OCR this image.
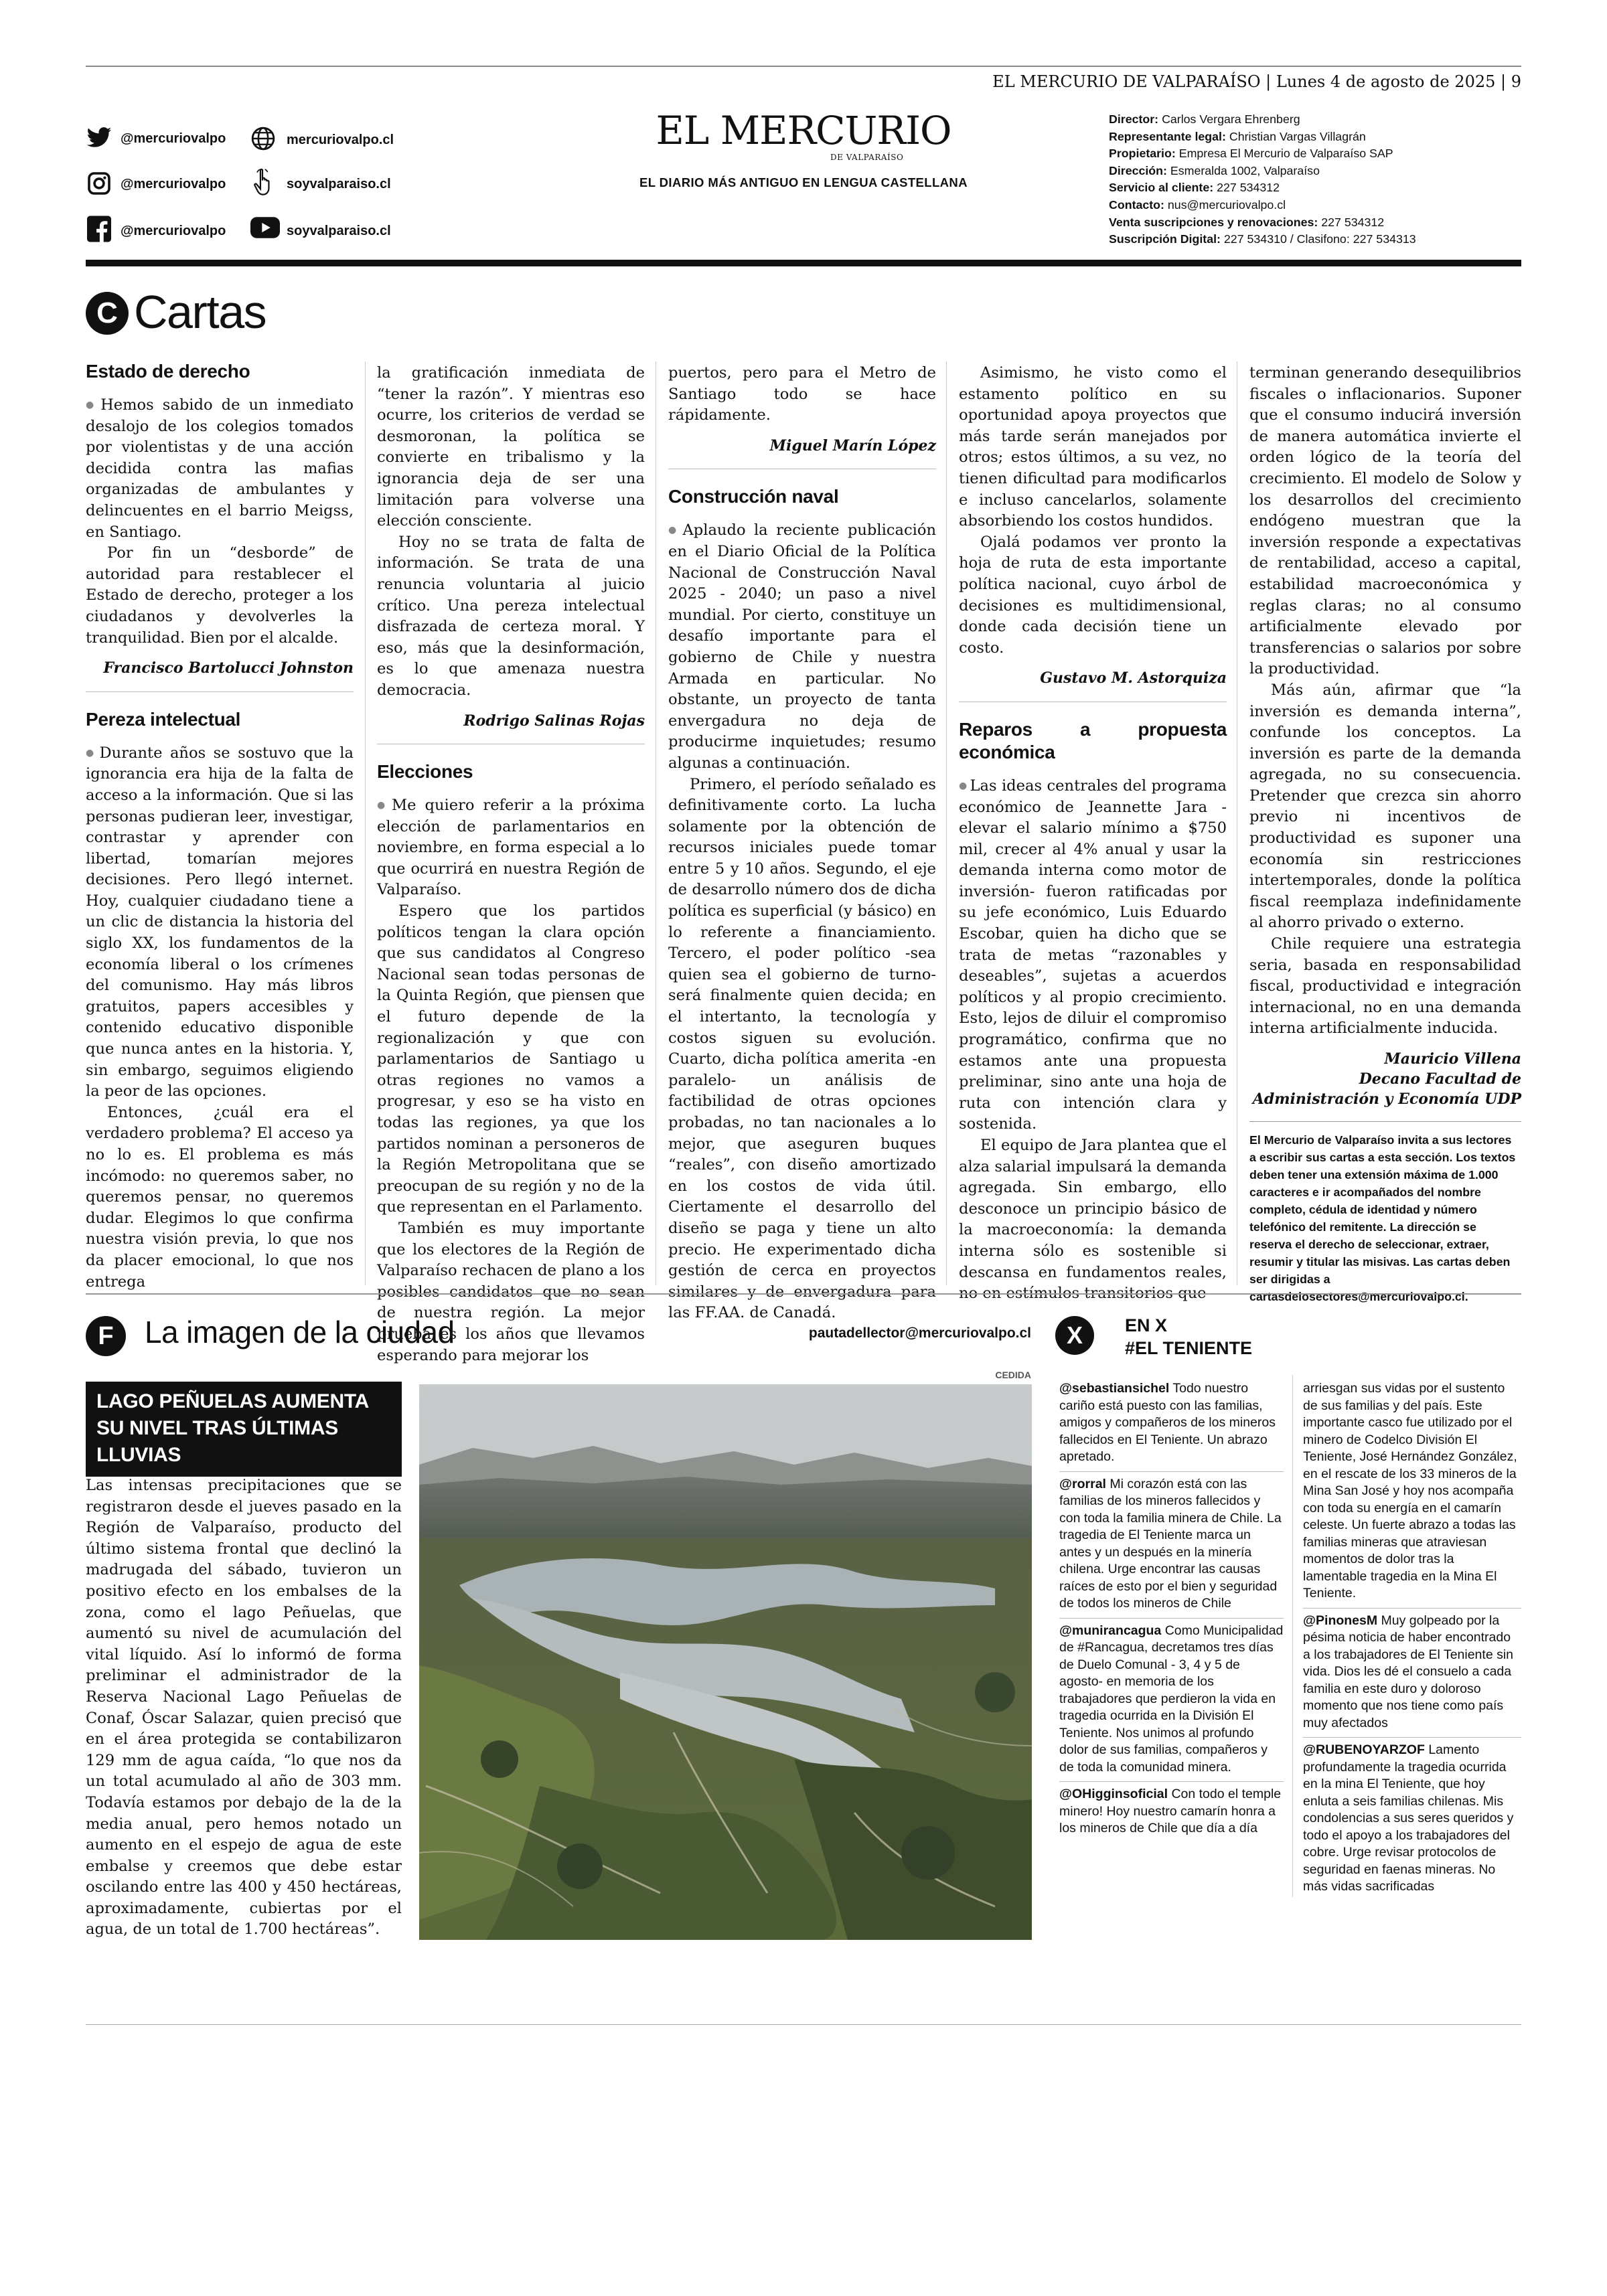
EL MERCURIO DE VALPARAÍSO | Lunes 4 de agosto de 2025 | 9
@mercuriovalpo
@mercuriovalpo
@mercuriovalpo
mercuriovalpo.cl
soyvalparaiso.cl
soyvalparaiso.cl
EL MERCURIO
DE VALPARAÍSO
EL DIARIO MÁS ANTIGUO EN LENGUA CASTELLANA
Director: Carlos Vergara Ehrenberg
Representante legal: Christian Vargas Villagrán
Propietario: Empresa El Mercurio de Valparaíso SAP
Dirección: Esmeralda 1002, Valparaíso
Servicio al cliente: 227 534312
Contacto: nus@mercuriovalpo.cl
Venta suscripciones y renovaciones: 227 534312
Suscripción Digital: 227 534310 / Clasifono: 227 534313
C Cartas
Estado de derecho

● Hemos sabido de un inmediato desalojo de los colegios tomados por violentistas y de una acción decidida contra las mafias organizadas de ambulantes y delincuentes en el barrio Meigss, en Santiago.

Por fin un “desborde” de autoridad para restablecer el Estado de derecho, proteger a los ciudadanos y devolverles la tranquilidad. Bien por el alcalde.

Francisco Bartolucci Johnston

Pereza intelectual

● Durante años se sostuvo que la ignorancia era hija de la falta de acceso a la información. Que si las personas pudieran leer, investigar, contrastar y aprender con libertad, tomarían mejores decisiones. Pero llegó internet. Hoy, cualquier ciudadano tiene a un clic de distancia la historia del siglo XX, los fundamentos de la economía liberal o los crímenes del comunismo. Hay más libros gratuitos, papers accesibles y contenido educativo disponible que nunca antes en la historia. Y, sin embargo, seguimos eligiendo la peor de las opciones.

Entonces, ¿cuál era el verdadero problema? El acceso ya no lo es. El problema es más incómodo: no queremos saber, no queremos pensar, no queremos dudar. Elegimos lo que confirma nuestra visión previa, lo que nos da placer emocional, lo que nos entrega

la gratificación inmediata de “tener la razón”. Y mientras eso ocurre, los criterios de verdad se desmoronan, la política se convierte en tribalismo y la ignorancia deja de ser una limitación para volverse una elección consciente.

Hoy no se trata de falta de información. Se trata de una renuncia voluntaria al juicio crítico. Una pereza intelectual disfrazada de certeza moral. Y eso, más que la desinformación, es lo que amenaza nuestra democracia.

Rodrigo Salinas Rojas

Elecciones

● Me quiero referir a la próxima elección de parlamentarios en noviembre, en forma especial a lo que ocurrirá en nuestra Región de Valparaíso.

Espero que los partidos políticos tengan la clara opción que sus candidatos al Congreso Nacional sean todas personas de la Quinta Región, que piensen que el futuro depende de la regionalización y que con parlamentarios de Santiago u otras regiones no vamos a progresar, y eso se ha visto en todas las regiones, ya que los partidos nominan a personeros de la Región Metropolitana que se preocupan de su región y no de la que representan en el Parlamento.

También es muy importante que los electores de la Región de Valparaíso rechacen de plano a los posibles candidatos que no sean de nuestra región. La mejor prueba es los años que llevamos esperando para mejorar los

puertos, pero para el Metro de Santiago todo se hace rápidamente.

Miguel Marín López

Construcción naval

● Aplaudo la reciente publicación en el Diario Oficial de la Política Nacional de Construcción Naval 2025 - 2040; un paso a nivel mundial. Por cierto, constituye un desafío importante para el gobierno de Chile y nuestra Armada en particular. No obstante, un proyecto de tanta envergadura no deja de producirme inquietudes; resumo algunas a continuación.

Primero, el período señalado es definitivamente corto. La lucha solamente por la obtención de recursos iniciales puede tomar entre 5 y 10 años. Segundo, el eje de desarrollo número dos de dicha política es superficial (y básico) en lo referente a financiamiento. Tercero, el poder político -sea quien sea el gobierno de turno- será finalmente quien decida; en el intertanto, la tecnología y costos siguen su evolución. Cuarto, dicha política amerita -en paralelo- un análisis de factibilidad de otras opciones probadas, no tan nacionales a lo mejor, que aseguren buques “reales”, con diseño amortizado en los costos de vida útil. Ciertamente el desarrollo del diseño se paga y tiene un alto precio. He experimentado dicha gestión de cerca en proyectos similares y de envergadura para las FF.AA. de Canadá.

Asimismo, he visto como el estamento político en su oportunidad apoya proyectos que más tarde serán manejados por otros; estos últimos, a su vez, no tienen dificultad para modificarlos e incluso cancelarlos, solamente absorbiendo los costos hundidos.

Ojalá podamos ver pronto la hoja de ruta de esta importante política nacional, cuyo árbol de decisiones es multidimensional, donde cada decisión tiene un costo.

Gustavo M. Astorquiza

Reparos a propuesta económica

● Las ideas centrales del programa económico de Jeannette Jara -elevar el salario mínimo a $750 mil, crecer al 4% anual y usar la demanda interna como motor de inversión- fueron ratificadas por su jefe económico, Luis Eduardo Escobar, quien ha dicho que se trata de metas “razonables y deseables”, sujetas a acuerdos políticos y al propio crecimiento. Esto, lejos de diluir el compromiso programático, confirma que no estamos ante una propuesta preliminar, sino ante una hoja de ruta con intención clara y sostenida.

El equipo de Jara plantea que el alza salarial impulsará la demanda agregada. Sin embargo, ello desconoce un principio básico de la macroeconomía: la demanda interna sólo es sostenible si descansa en fundamentos reales, no en estímulos transitorios que

terminan generando desequilibrios fiscales o inflacionarios. Suponer que el consumo inducirá inversión de manera automática invierte el orden lógico de la teoría del crecimiento. El modelo de Solow y los desarrollos del crecimiento endógeno muestran que la inversión responde a expectativas de rentabilidad, acceso a capital, estabilidad macroeconómica y reglas claras; no al consumo artificialmente elevado por transferencias o salarios por sobre la productividad.

Más aún, afirmar que “la inversión es demanda interna”, confunde los conceptos. La inversión es parte de la demanda agregada, no su consecuencia. Pretender que crezca sin ahorro previo ni incentivos de productividad es suponer una economía sin restricciones intertemporales, donde la política fiscal reemplaza indefinidamente al ahorro privado o externo.

Chile requiere una estrategia seria, basada en responsabilidad fiscal, productividad e integración internacional, no en una demanda interna artificialmente inducida.

Mauricio Villena
Decano Facultad de
Administración y Economía UDP
El Mercurio de Valparaíso invita a sus lectores a escribir sus cartas a esta sección. Los textos deben tener una extensión máxima de 1.000 caracteres e ir acompañados del nombre completo, cédula de identidad y número telefónico del remitente. La dirección se reserva el derecho de seleccionar, extraer, resumir y titular las misivas. Las cartas deben ser dirigidas a cartasdelosectores@mercuriovalpo.cl.
F	La imagen de la ciudad	pautadellector@mercuriovalpo.cl
LAGO PEÑUELAS AUMENTA SU NIVEL TRAS ÚLTIMAS LLUVIAS
Las intensas precipitaciones que se registraron desde el jueves pasado en la Región de Valparaíso, producto del último sistema frontal que declinó la madrugada del sábado, tuvieron un positivo efecto en los embalses de la zona, como el lago Peñuelas, que aumentó su nivel de acumulación del vital líquido. Así lo informó de forma preliminar el administrador de la Reserva Nacional Lago Peñuelas de Conaf, Óscar Salazar, quien precisó que en el área protegida se contabilizaron 129 mm de agua caída, “lo que nos da un total acumulado al año de 303 mm. Todavía estamos por debajo de la de la media anual, pero hemos notado un aumento en el espejo de agua de este embalse y creemos que debe estar oscilando entre las 400 y 450 hectáreas, aproximadamente, cubiertas por el agua, de un total de 1.700 hectáreas”.
CEDIDA
X	EN X
#EL TENIENTE

@sebastiansichel Todo nuestro cariño está puesto con las familias, amigos y compañeros de los mineros fallecidos en El Teniente. Un abrazo apretado.

@rorral Mi corazón está con las familias de los mineros fallecidos y con toda la familia minera de Chile. La tragedia de El Teniente marca un antes y un después en la minería chilena. Urge encontrar las causas raíces de esto por el bien y seguridad de todos los mineros de Chile

@munirancagua Como Municipalidad de #Rancagua, decretamos tres días de Duelo Comunal - 3, 4 y 5 de agosto- en memoria de los trabajadores que perdieron la vida en tragedia ocurrida en la División El Teniente. Nos unimos al profundo dolor de sus familias, compañeros y de toda la comunidad minera.

@OHigginsoficial Con todo el temple minero! Hoy nuestro camarín honra a los mineros de Chile que día a día

arriesgan sus vidas por el sustento de sus familias y del país. Este importante casco fue utilizado por el minero de Codelco División El Teniente, José Hernández González, en el rescate de los 33 mineros de la Mina San José y hoy nos acompaña con toda su energía en el camarín celeste. Un fuerte abrazo a todas las familias mineras que atraviesan momentos de dolor tras la lamentable tragedia en la Mina El Teniente.

@PinonesM Muy golpeado por la pésima noticia de haber encontrado a los trabajadores de El Teniente sin vida. Dios les dé el consuelo a cada familia en este duro y doloroso momento que nos tiene como país muy afectados

@RUBENOYARZOF Lamento profundamente la tragedia ocurrida en la mina El Teniente, que hoy enluta a seis familias chilenas. Mis condolencias a sus seres queridos y todo el apoyo a los trabajadores del cobre. Urge revisar protocolos de seguridad en faenas mineras. No más vidas sacrificadas
